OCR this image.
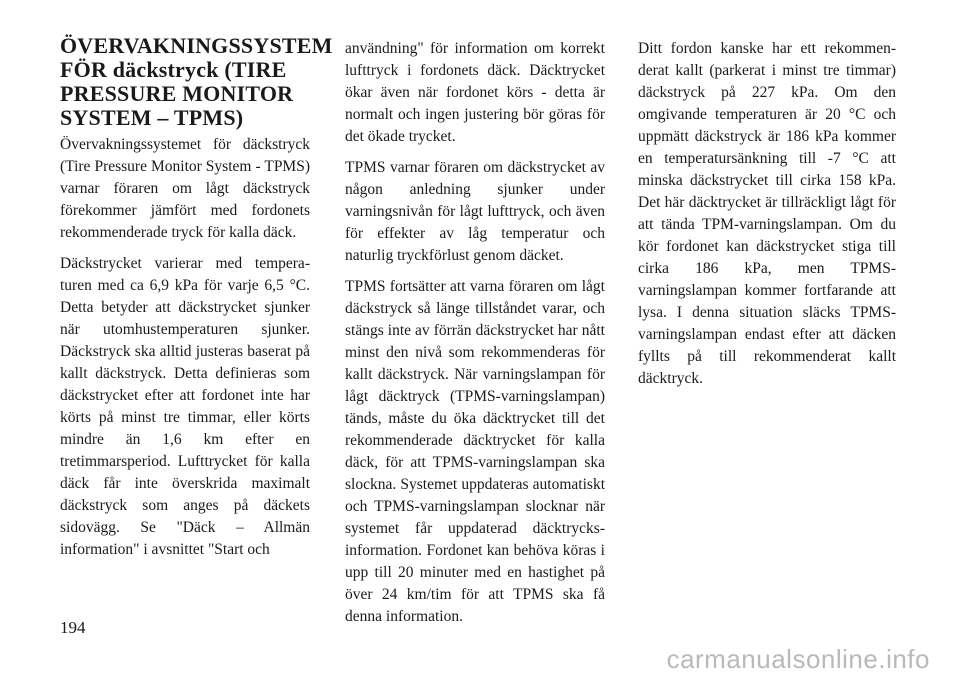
ÖVERVAKNINGSSYSTEM FÖR däckstryck (TIRE PRESSURE MONITOR SYSTEM – TPMS)

Övervakningssystemet för däckstryck (Tire Pressure Monitor System - TPMS) varnar föraren om lågt däckstryck förekommer jämfört med fordonets rekommenderade tryck för kalla däck.

Däckstrycket varierar med temperaturen med ca 6,9 kPa för varje 6,5 °C. Detta betyder att däckstrycket sjunker när utomhustemperaturen sjunker. Däckstryck ska alltid justeras baserat på kallt däckstryck. Detta definieras som däckstrycket efter att fordonet inte har körts på minst tre timmar, eller körts mindre än 1,6 km efter en tretimmarsperiod. Lufttrycket för kalla däck får inte överskrida maximalt däckstryck som anges på däckets sidovägg. Se "Däck – Allmän information" i avsnittet "Start och

användning" för information om korrekt lufttryck i fordonets däck. Däcktrycket ökar även när fordonet körs - detta är normalt och ingen justering bör göras för det ökade trycket.

TPMS varnar föraren om däckstrycket av någon anledning sjunker under varningsnivån för lågt lufttryck, och även för effekter av låg temperatur och naturlig tryckförlust genom däcket.

TPMS fortsätter att varna föraren om lågt däckstryck så länge tillståndet varar, och stängs inte av förrän däckstrycket har nått minst den nivå som rekommenderas för kallt däckstryck. När varningslampan för lågt däcktryck (TPMS-varningslampan) tänds, måste du öka däcktrycket till det rekommenderade däcktrycket för kalla däck, för att TPMS-varningslampan ska slockna. Systemet uppdateras automatiskt och TPMS-varningslampan slocknar när systemet får uppdaterad däcktrycksinformation. Fordonet kan behöva köras i upp till 20 minuter med en hastighet på över 24 km/tim för att TPMS ska få denna information.

Ditt fordon kanske har ett rekommenderat kallt (parkerat i minst tre timmar) däckstryck på 227 kPa. Om den omgivande temperaturen är 20 °C och uppmätt däckstryck är 186 kPa kommer en temperatursänkning till -7 °C att minska däckstrycket till cirka 158 kPa. Det här däcktrycket är tillräckligt lågt för att tända TPM-varningslampan. Om du kör fordonet kan däckstrycket stiga till cirka 186 kPa, men TPMS-varningslampan kommer fortfarande att lysa. I denna situation släcks TPMS-varningslampan endast efter att däcken fyllts på till rekommenderat kallt däcktryck.

194
carmanualsonline.info
